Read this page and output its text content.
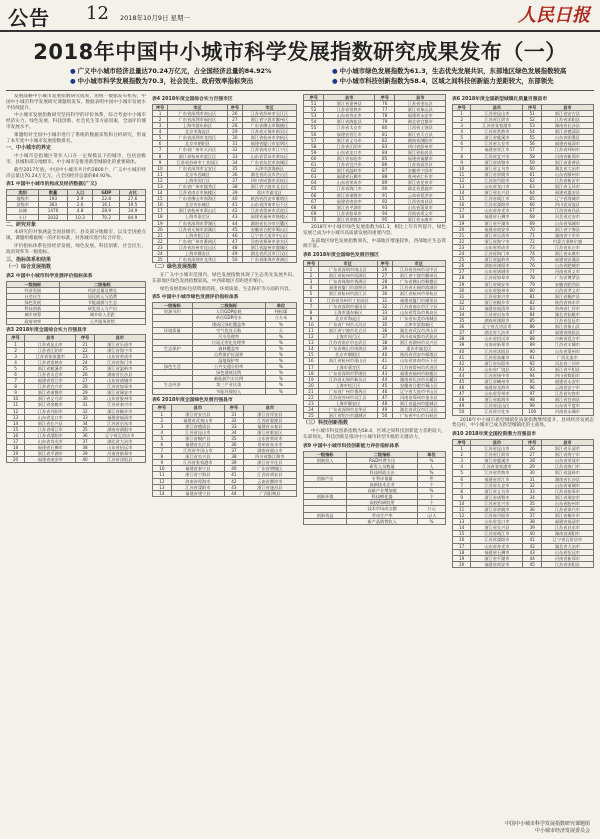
公告 12 2018年10月9日 星期一	人民日报
2018年中国中小城市科学发展指数研究成果发布（一）
● 广义中小城市经济总量达70.24万亿元，占全国经济总量的84.92%	● 中小城市绿色发展指数为61.3，生态优先发展共识，东部地区绿色发展指数较高
● 中小城市科学发展指数为70.3，社会民生、政府效率指标突出	● 中小城市科技创新指数为58.4，区域之间科技创新能力差距较大，东部领先

发展战略中小城市发展指数研究成果，由统一数据发布机构，中国中小城市科学发展研究课题组发布。数据表明中国中小城市发展水平持续提升。

中小城市发展指数研究坚持科学的评价体系，综合考虑中小城市经济实力、绿色发展、科技创新、社会民生等方面因素，全面评价城市发展水平。

课题组对全国中小城市进行了系统的数据采集和分析研究，形成了本年度中小城市发展指数排名。

一、中小城市的界定

中小城市是指城区常住人口在一定规模以下的城市，包括县级市、县城和部分地级市。中小城市是推进新型城镇化的重要载体。

截至2017年底，中国中小城市共计约2800个，广义中小城市经济总量达70.24万亿元，占全国经济总量的84.92%。

表1 中国中小城市的构成及经济数据(广义)
类别	数量	人口	GDP	占比
地级市	193	2.9	22.8	27.6
县级市	363	2.6	16.1	19.5
县城	1476	4.8	28.9	34.9
小计	2032	10.3	70.2	84.9
二、研究对象

本研究的对象涵盖全国县级市、县及部分地级市，以及全国重点镇。课题组根据统一的评价标准，对各城市进行综合评价。

评价指标体系包括经济发展、绿色发展、科技创新、社会民生、政府效率等一级指标。

三、指标体系和结果
（一）综合发展指数
表2 中国中小城市科学发展评价指标体系
一级指标	二级指标
经济发展	经济总量及增长
社会民生	居民收入与消费
绿色发展	节能减排与生态
科技创新	研发投入与产出
城乡统筹	城乡收入差距
政府效率	公共服务供给
表3 2018年度全国综合实力百强县市
序号	县市	序号	县市
1	江苏省昆山市	21	浙江省乐清市
2	江苏省江阴市	22	浙江省海宁市
3	江苏省张家港市	23	山东省荣成市
4	江苏省常熟市	24	江苏省海门市
5	浙江省慈溪市	25	浙江省温岭市
6	江苏省太仓市	26	湖南省长沙县
7	福建省晋江市	27	山东省诸城市
8	江苏省宜兴市	28	江苏省如皋市
9	浙江省诸暨市	29	浙江省瑞安市
10	浙江省义乌市	30	山东省胶州市
11	浙江省余姚市	31	江苏省泰兴市
12	江苏省丹阳市	32	浙江省桐乡市
13	山东省龙口市	33	福建省福清市
14	浙江省长兴县	34	江苏省启东市
15	江苏省靖江市	35	湖南省浏阳市
16	江苏省溧阳市	36	辽宁省瓦房店市
17	山东省寿光市	37	湖北省大冶市
18	福建省石狮市	38	山东省招远市
19	浙江省平湖市	39	河南省新郑市
20	福建省南安市	40	江苏省沭阳县
表4 2018年度全国综合实力百强市区
序号	市区	序号	市区
1	广东省深圳市南山区	26	江苏省苏州市吴江区
2	广东省深圳市福田区	27	浙江省宁波市鄞州区
3	上海市浦东新区	28	广东省佛山市顺德区
4	北京市海淀区	29	江苏省无锡市新吴区
5	广东省深圳市龙岗区	30	浙江省杭州市余杭区
6	北京市朝阳区	31	福建省厦门市思明区
7	广东省广州市天河区	32	江苏省南京市江宁区
8	浙江省杭州市滨江区	33	山东省青岛市黄岛区
9	江苏省苏州市工业园区	34	广东省东莞市南城区
10	广东省深圳市宝安区	35	天津市滨海新区
11	北京市西城区	36	湖北省武汉市洪山区
12	上海市闵行区	37	四川省成都市武侯区
13	广东省广州市越秀区	38	浙江省宁波市北仑区
14	江苏省南京市鼓楼区	39	重庆市渝北区
15	广东省佛山市南海区	40	陕西省西安市雁塔区
16	北京市东城区	41	山东省济南市历下区
17	浙江省杭州市萧山区	42	江苏省常州市武进区
18	上海市嘉定区	43	福建省福州市鼓楼区
19	广东省深圳市罗湖区	44	湖南省长沙市岳麓区
20	江苏省无锡市滨湖区	45	安徽省合肥市蜀山区
21	上海市松江区	46	辽宁省大连市中山区
22	广东省广州市番禺区	47	河南省郑州市金水区
23	江苏省苏州市昆山区	48	浙江省温州市鹿城区
24	上海市静安区	49	湖北省武汉市江汉区
25	广东省深圳市龙华区	50	广东省珠海市香洲区
（二）绿色发展指数

在广义中小城市范围内，绿色发展指数体现了生态优先发展共识。东部地区绿色发展指数较高，中西部地区差距逐步缩小。

绿色发展指标包括资源消耗、环境质量、生态保护等方面的内容。

表5 中国中小城市绿色发展评价指标体系
一级指标	二级指标	单位
资源节约	人均GDP能耗	吨标煤
	单位GDP用水	立方米
	建成区绿化覆盖率	%
环境质量	空气优良天数	天
	污水处理率	%
	垃圾无害化处理率	%
生态保护	森林覆盖率	%
	自然保护区面积	%
	湿地保护率	%
绿色生活	公共交通分担率	%
	绿色建筑比例	%
	新能源汽车比例	%
生态经济	第三产业比重	%
	节能环保投入	%
表6 2018年度全国绿色发展百强县市
序号	县市	序号	县市
1	浙江省安吉县	31	浙江省淳安县
2	福建省武夷山市	32	江西省婺源县
3	浙江省德清县	33	福建省永春县
4	江苏省昆山市	34	浙江省临安区
5	浙江省桐庐县	35	山东省荣成市
6	福建省长汀县	36	贵州省赤水市
7	江西省井冈山市	37	湖南省韶山市
8	浙江省长兴县	38	四川省都江堰市
9	江苏省张家港市	39	浙江省开化县
10	福建省泰宁县	40	广东省增城区
11	浙江省宁海县	41	江西省靖安县
12	海南省琼海市	42	云南省腾冲市
13	江苏省溧阳市	43	浙江省遂昌县
14	福建省建宁县	44	广西阳朔县
序号	县市	序号	县市
51	浙江省嘉善县	76	江苏省金坛区
52	江苏省常熟市	77	浙江省象山县
53	山东省寿光市	78	福建省永安市
54	浙江省海盐县	79	湖北省宜都市
55	江苏省太仓市	80	江西省上饶县
56	福建省晋江市	81	浙江省天台县
57	浙江省义乌市	82	湖南省浏阳市
58	江苏省江阴市	83	四川省彭州市
59	山东省龙口市	84	浙江省仙居县
60	浙江省东阳市	85	福建省福鼎市
61	江苏省宜兴市	86	江苏省高淳区
62	浙江省温岭市	87	安徽省宁国市
63	福建省石狮市	88	贵州省仁怀市
64	山东省荣成市	89	浙江省龙泉市
65	江苏省海门市	90	湖北省恩施市
66	浙江省诸暨市	91	云南省景洪市
67	福建省南安市	92	江西省南昌县
68	浙江省平湖市	93	山东省蓬莱市
69	江苏省如皋市	94	河南省巩义市
70	浙江省余姚市	95	浙江省永康市

2018年中小城市绿色发展指数为61.3，相比上年有所提升。绿色发展已成为中小城市高质量发展的重要内容。

东部地区绿色发展指数领先，中部地区增速较快，西部地区生态资源丰富。

表8 2018年度全国绿色发展百强区
序号	市区	序号	市区
1	广东省深圳市南山区	26	江苏省苏州市吴中区
2	浙江省杭州市西湖区	27	浙江省宁波市鄞州区
3	广东省珠海市香洲区	28	广东省佛山市顺德区
4	福建省厦门市思明区	29	江苏省无锡市滨湖区
5	浙江省杭州市滨江区	30	浙江省杭州市余杭区
6	江苏省苏州市工业园区	31	福建省厦门市湖里区
7	广东省深圳市福田区	32	江苏省南京市江宁区
8	上海市浦东新区	33	山东省青岛市黄岛区
9	北京市海淀区	34	广东省东莞市南城区
10	广东省广州市天河区	35	天津市滨海新区
11	浙江省宁波市北仑区	36	湖北省武汉市洪山区
12	上海市闵行区	37	四川省成都市武侯区
13	江苏省南京市玄武区	38	浙江省湖州市吴兴区
14	广东省佛山市南海区	39	重庆市渝北区
15	北京市朝阳区	40	陕西省西安市雁塔区
16	浙江省杭州市萧山区	41	山东省济南市历下区
17	上海市嘉定区	42	江苏省常州市武进区
18	广东省深圳市罗湖区	43	福建省福州市鼓楼区
19	江苏省无锡市新吴区	44	湖南省长沙市岳麓区
20	上海市松江区	45	安徽省合肥市蜀山区
21	广东省广州市番禺区	46	辽宁省大连市中山区
22	江苏省苏州市吴江区	47	河南省郑州市金水区
23	上海市静安区	48	浙江省温州市鹿城区
24	广东省深圳市龙华区	49	湖北省武汉市江汉区
25	浙江省绍兴市越城区	50	广东省中山市石岐区
（三）科技创新指数

中小城市科技创新指数为58.4，区域之间科技创新能力差距较大，东部领先。科技创新是推动中小城市转型升级的关键动力。

表9 中国中小城市科技创新能力评价指标体系
一级指标	二级指标	单位
创新投入	R&D经费支出	%
	研发人员数量	人
	科技财政支出	%
创新产出	专利申请量	件
	高新技术企业	个
	高新产业增加值	%
创新环境	科技孵化器	个
	高校科研院所	个
	技术市场成交额	万元
创新效益	劳动生产率	元/人
	新产品销售收入	%
表6 2018年度全国新型城镇化质量百强县市
序号	县市	序号	县市
1	江苏省昆山市	51	浙江省安吉县
2	江苏省江阴市	52	江苏省沭阳县
3	江苏省张家港市	53	湖南省长沙县
4	江苏省常熟市	54	浙江省德清县
5	浙江省慈溪市	55	山东省即墨区
6	江苏省太仓市	56	福建省福清市
7	福建省晋江市	57	江苏省邳州市
8	江苏省宜兴市	58	河南省新郑市
9	浙江省诸暨市	59	浙江省嘉善县
10	浙江省义乌市	60	湖北省大冶市
11	浙江省余姚市	61	山东省滕州市
12	江苏省丹阳市	62	江苏省新沂市
13	山东省龙口市	63	浙江省玉环市
14	浙江省长兴县	64	福建省惠安县
15	江苏省靖江市	65	辽宁省海城市
16	江苏省溧阳市	66	四川省双流区
17	山东省寿光市	67	江西省南昌县
18	福建省石狮市	68	河北省迁安市
19	浙江省平湖市	69	山东省邹城市
20	福建省南安市	70	浙江省宁海县
21	浙江省乐清市	71	湖南省宁乡市
22	浙江省海宁市	72	内蒙古准格尔旗
23	山东省荣成市	73	江苏省东台市
24	江苏省海门市	74	浙江省永康市
25	浙江省温岭市	75	福建省安溪县
26	湖南省浏阳市	76	山东省肥城市
27	山东省诸城市	77	河南省巩义市
28	江苏省如皋市	78	广东省博罗县
29	浙江省瑞安市	79	安徽省肥西县
30	山东省胶州市	80	山西省孝义市
31	江苏省泰兴市	81	浙江省桐庐县
32	浙江省桐乡市	82	陕西省神木市
33	福建省福清市	83	贵州省仁怀市
34	江苏省启东市	84	湖北省仙桃市
35	湖南省浏阳市	85	江苏省仪征市
36	辽宁省瓦房店市	86	浙江省象山县
37	湖北省大冶市	87	福建省闽侯县
38	山东省招远市	88	吉林省延吉市
39	河南省新郑市	89	江西省丰城市
40	江苏省沭阳县	90	山东省莱州市
41	江苏省高邮市	91	广西北流市
42	浙江省东阳市	92	河北省三河市
43	山东省广饶县	93	浙江省平阳县
44	江苏省扬中市	94	四川省简阳市
45	浙江省嵊州市	95	福建省永安市
46	福建省龙海市	96	云南省安宁市
47	山东省青州市	97	江苏省句容市
48	浙江省临海市	98	浙江省苍南县
49	江苏省昆山区	99	山东省平度市
50	江苏省兴化市	100	河南省永城市

2018年中小城市新型城镇化质量指数继续提升，县域经济发展态势良好，中小城市已成为新型城镇化的主战场。

表10 2018年度全国投资潜力百强县市
序号	县市	序号	县市
1	江苏省昆山市	26	浙江省乐清市
2	江苏省江阴市	27	浙江省海宁市
3	浙江省慈溪市	28	山东省荣成市
4	江苏省张家港市	29	江苏省海门市
5	江苏省常熟市	30	浙江省温岭市
6	福建省晋江市	31	湖南省长沙县
7	江苏省太仓市	32	山东省诸城市
8	浙江省义乌市	33	江苏省如皋市
9	浙江省诸暨市	34	浙江省瑞安市
10	江苏省宜兴市	35	山东省胶州市
11	浙江省余姚市	36	江苏省泰兴市
12	江苏省丹阳市	37	浙江省桐乡市
13	山东省龙口市	38	福建省福清市
14	浙江省长兴县	39	江苏省启东市
15	江苏省靖江市	40	湖南省浏阳市
16	江苏省溧阳市	41	辽宁省瓦房店市
17	山东省寿光市	42	湖北省大冶市
18	福建省石狮市	43	山东省招远市
19	浙江省平湖市	44	河南省新郑市
20	福建省南安市	45	江苏省沭阳县
中国中小城市科学发展指数研究课题组
中小城市经济发展委员会
